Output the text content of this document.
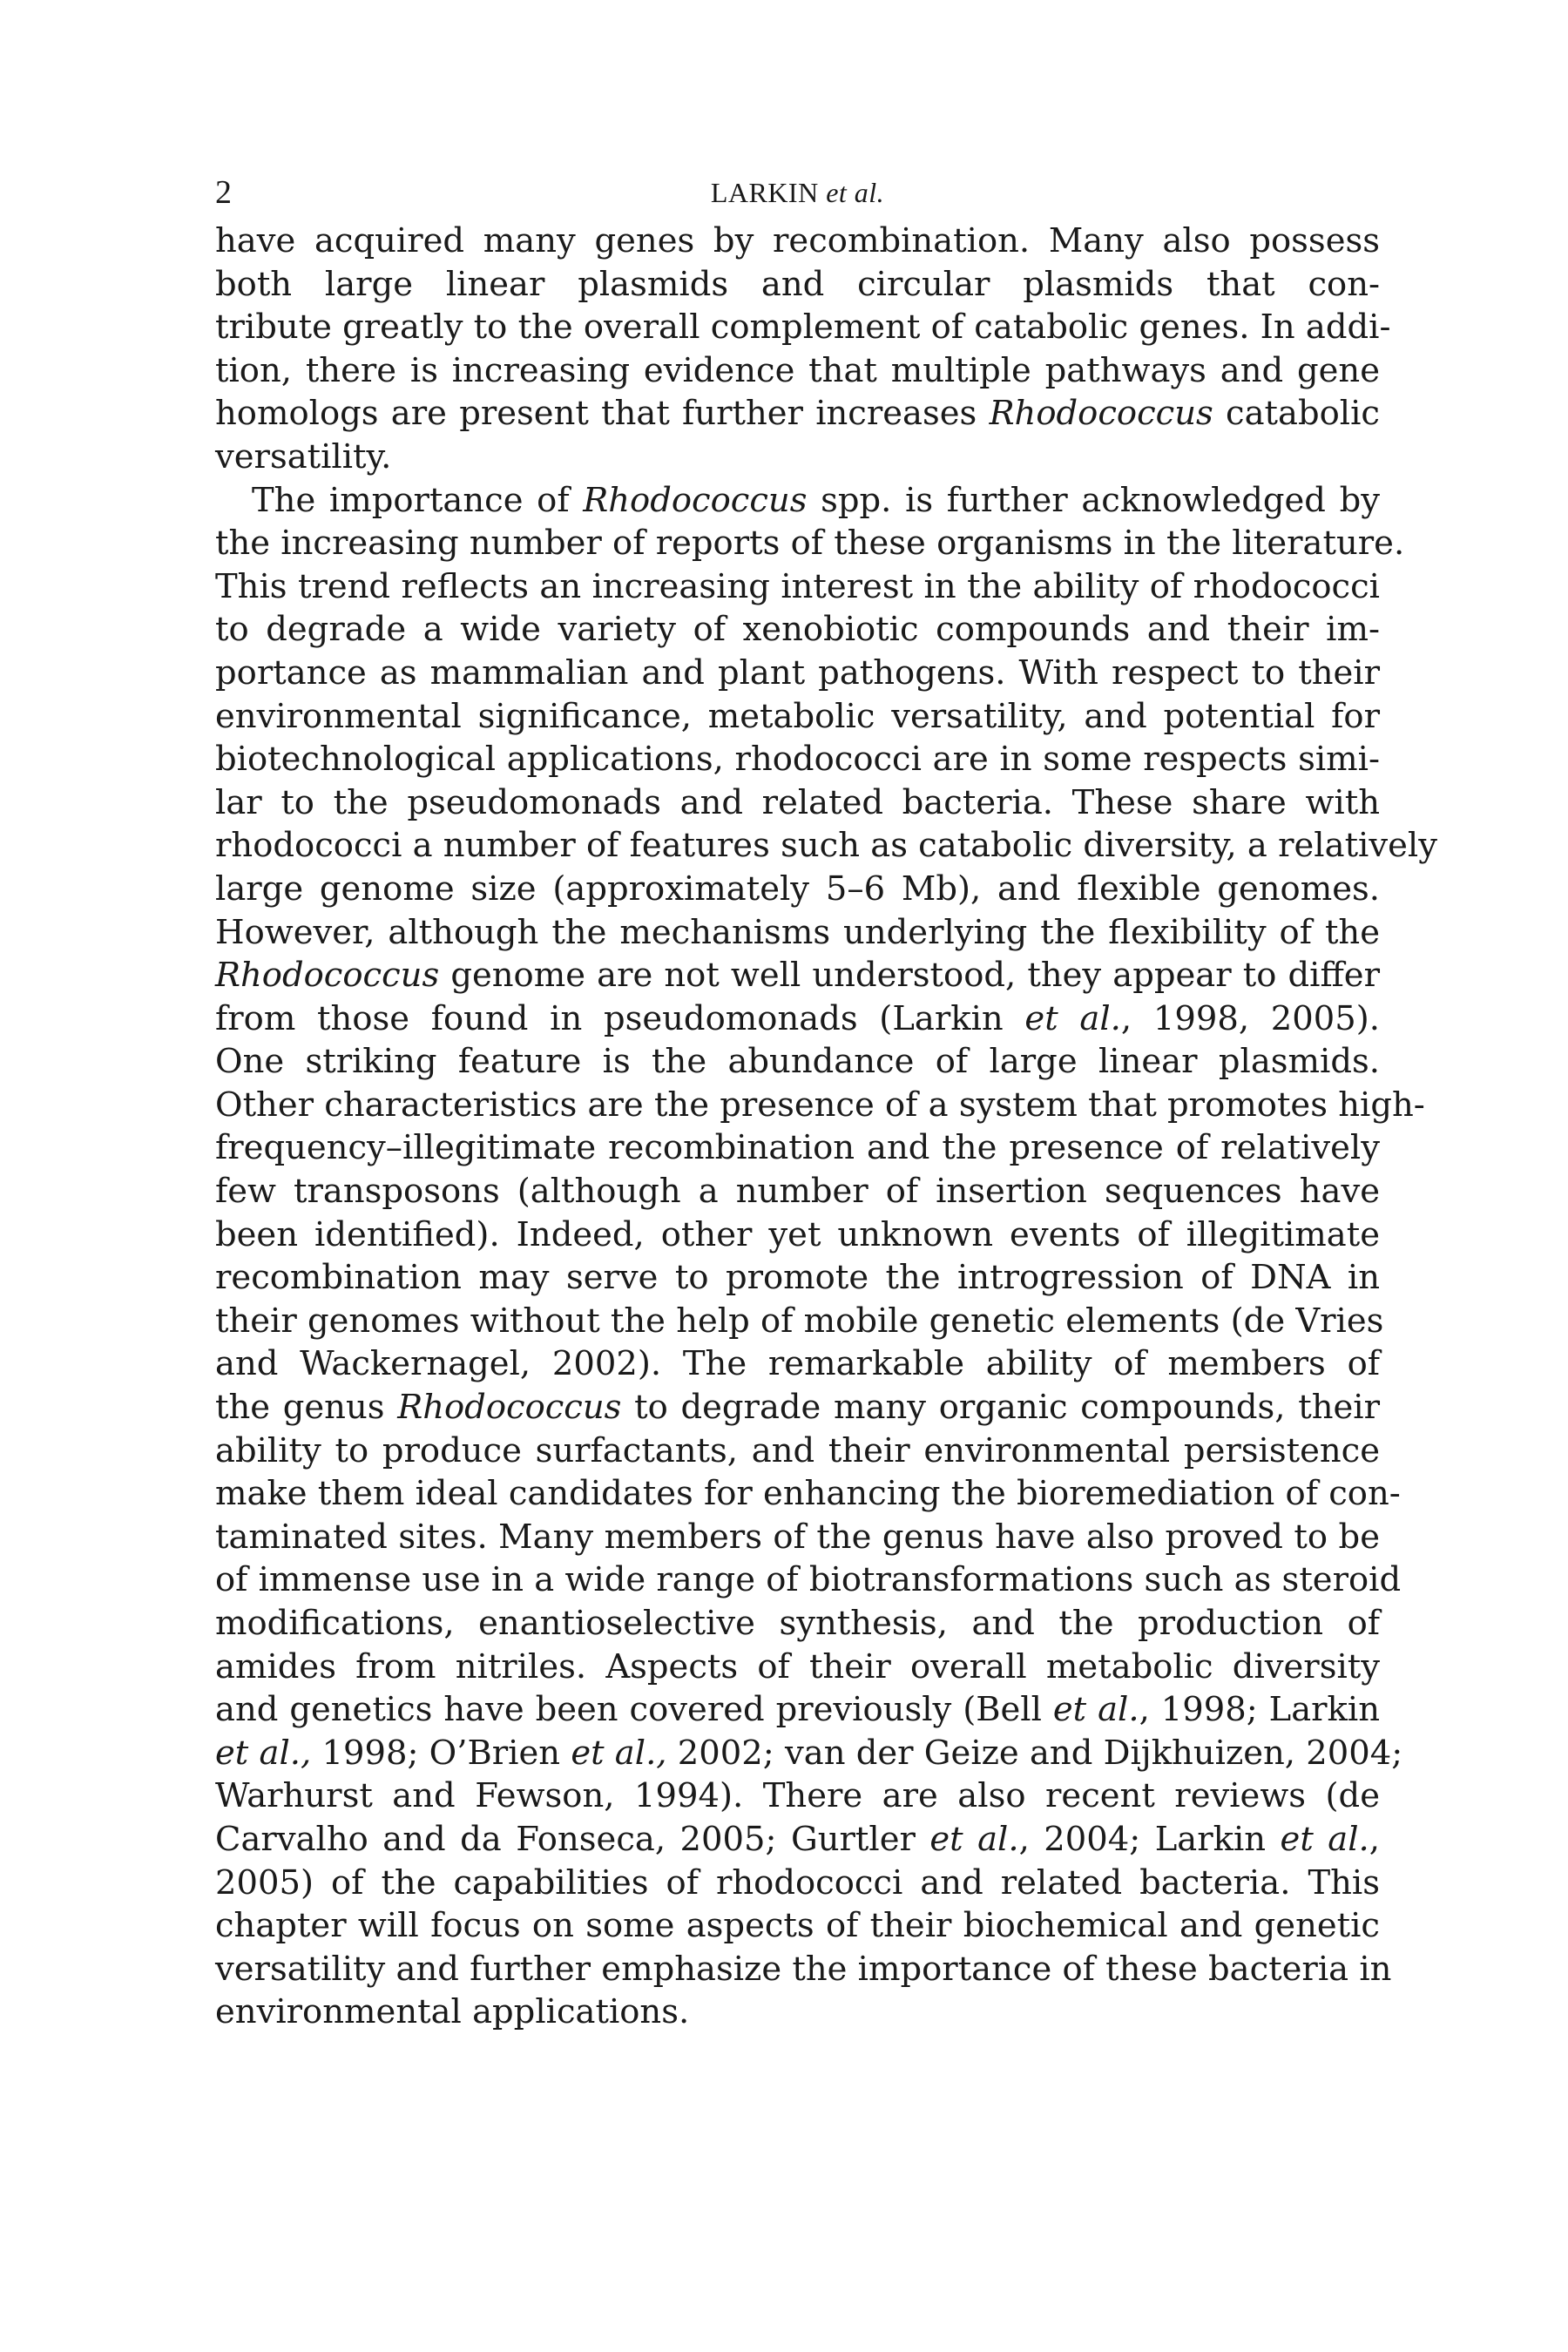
2	LARKIN et al.
have acquired many genes by recombination. Many also possess
both large linear plasmids and circular plasmids that con-
tribute greatly to the overall complement of catabolic genes. In addi-
tion, there is increasing evidence that multiple pathways and gene
homologs are present that further increases Rhodococcus catabolic
versatility.
The importance of Rhodococcus spp. is further acknowledged by
the increasing number of reports of these organisms in the literature.
This trend reflects an increasing interest in the ability of rhodococci
to degrade a wide variety of xenobiotic compounds and their im-
portance as mammalian and plant pathogens. With respect to their
environmental significance, metabolic versatility, and potential for
biotechnological applications, rhodococci are in some respects simi-
lar to the pseudomonads and related bacteria. These share with
rhodococci a number of features such as catabolic diversity, a relatively
large genome size (approximately 5–6 Mb), and flexible genomes.
However, although the mechanisms underlying the flexibility of the
Rhodococcus genome are not well understood, they appear to differ
from those found in pseudomonads (Larkin et al., 1998, 2005).
One striking feature is the abundance of large linear plasmids.
Other characteristics are the presence of a system that promotes high-
frequency–illegitimate recombination and the presence of relatively
few transposons (although a number of insertion sequences have
been identified). Indeed, other yet unknown events of illegitimate
recombination may serve to promote the introgression of DNA in
their genomes without the help of mobile genetic elements (de Vries
and Wackernagel, 2002). The remarkable ability of members of
the genus Rhodococcus to degrade many organic compounds, their
ability to produce surfactants, and their environmental persistence
make them ideal candidates for enhancing the bioremediation of con-
taminated sites. Many members of the genus have also proved to be
of immense use in a wide range of biotransformations such as steroid
modifications, enantioselective synthesis, and the production of
amides from nitriles. Aspects of their overall metabolic diversity
and genetics have been covered previously (Bell et al., 1998; Larkin
et al., 1998; O’Brien et al., 2002; van der Geize and Dijkhuizen, 2004;
Warhurst and Fewson, 1994). There are also recent reviews (de
Carvalho and da Fonseca, 2005; Gurtler et al., 2004; Larkin et al.,
2005) of the capabilities of rhodococci and related bacteria. This
chapter will focus on some aspects of their biochemical and genetic
versatility and further emphasize the importance of these bacteria in
environmental applications.
